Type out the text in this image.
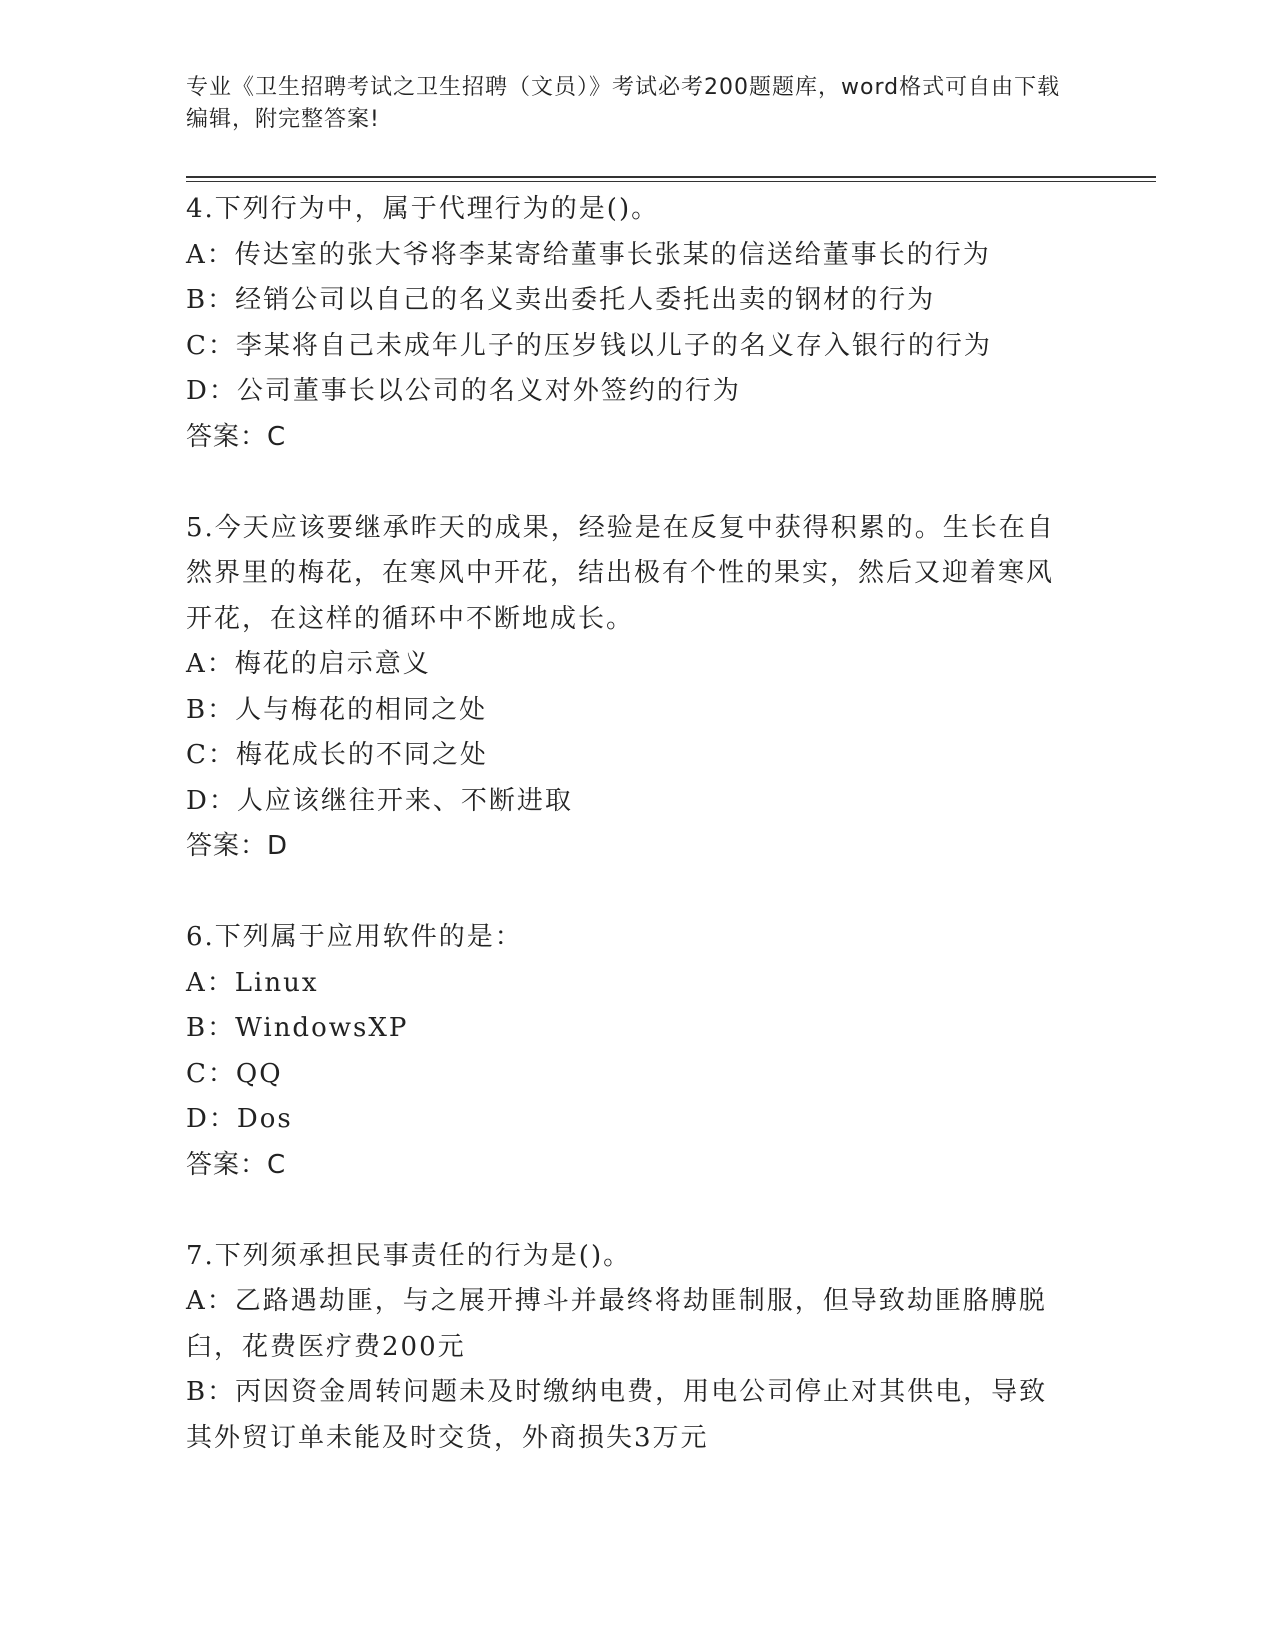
专业《卫生招聘考试之卫生招聘（文员）》考试必考200题题库，word格式可自由下载编辑，附完整答案!

4.下列行为中，属于代理行为的是()。

A：传达室的张大爷将李某寄给董事长张某的信送给董事长的行为

B：经销公司以自己的名义卖出委托人委托出卖的钢材的行为

C：李某将自己未成年儿子的压岁钱以儿子的名义存入银行的行为

D：公司董事长以公司的名义对外签约的行为

答案：C

5.今天应该要继承昨天的成果，经验是在反复中获得积累的。生长在自然界里的梅花，在寒风中开花，结出极有个性的果实，然后又迎着寒风开花，在这样的循环中不断地成长。

A：梅花的启示意义

B：人与梅花的相同之处

C：梅花成长的不同之处

D：人应该继往开来、不断进取

答案：D

6.下列属于应用软件的是：

A：Linux

B：WindowsXP

C：QQ

D：Dos

答案：C

7.下列须承担民事责任的行为是()。

A：乙路遇劫匪，与之展开搏斗并最终将劫匪制服，但导致劫匪胳膊脱臼，花费医疗费200元

B：丙因资金周转问题未及时缴纳电费，用电公司停止对其供电，导致其外贸订单未能及时交货，外商损失3万元
